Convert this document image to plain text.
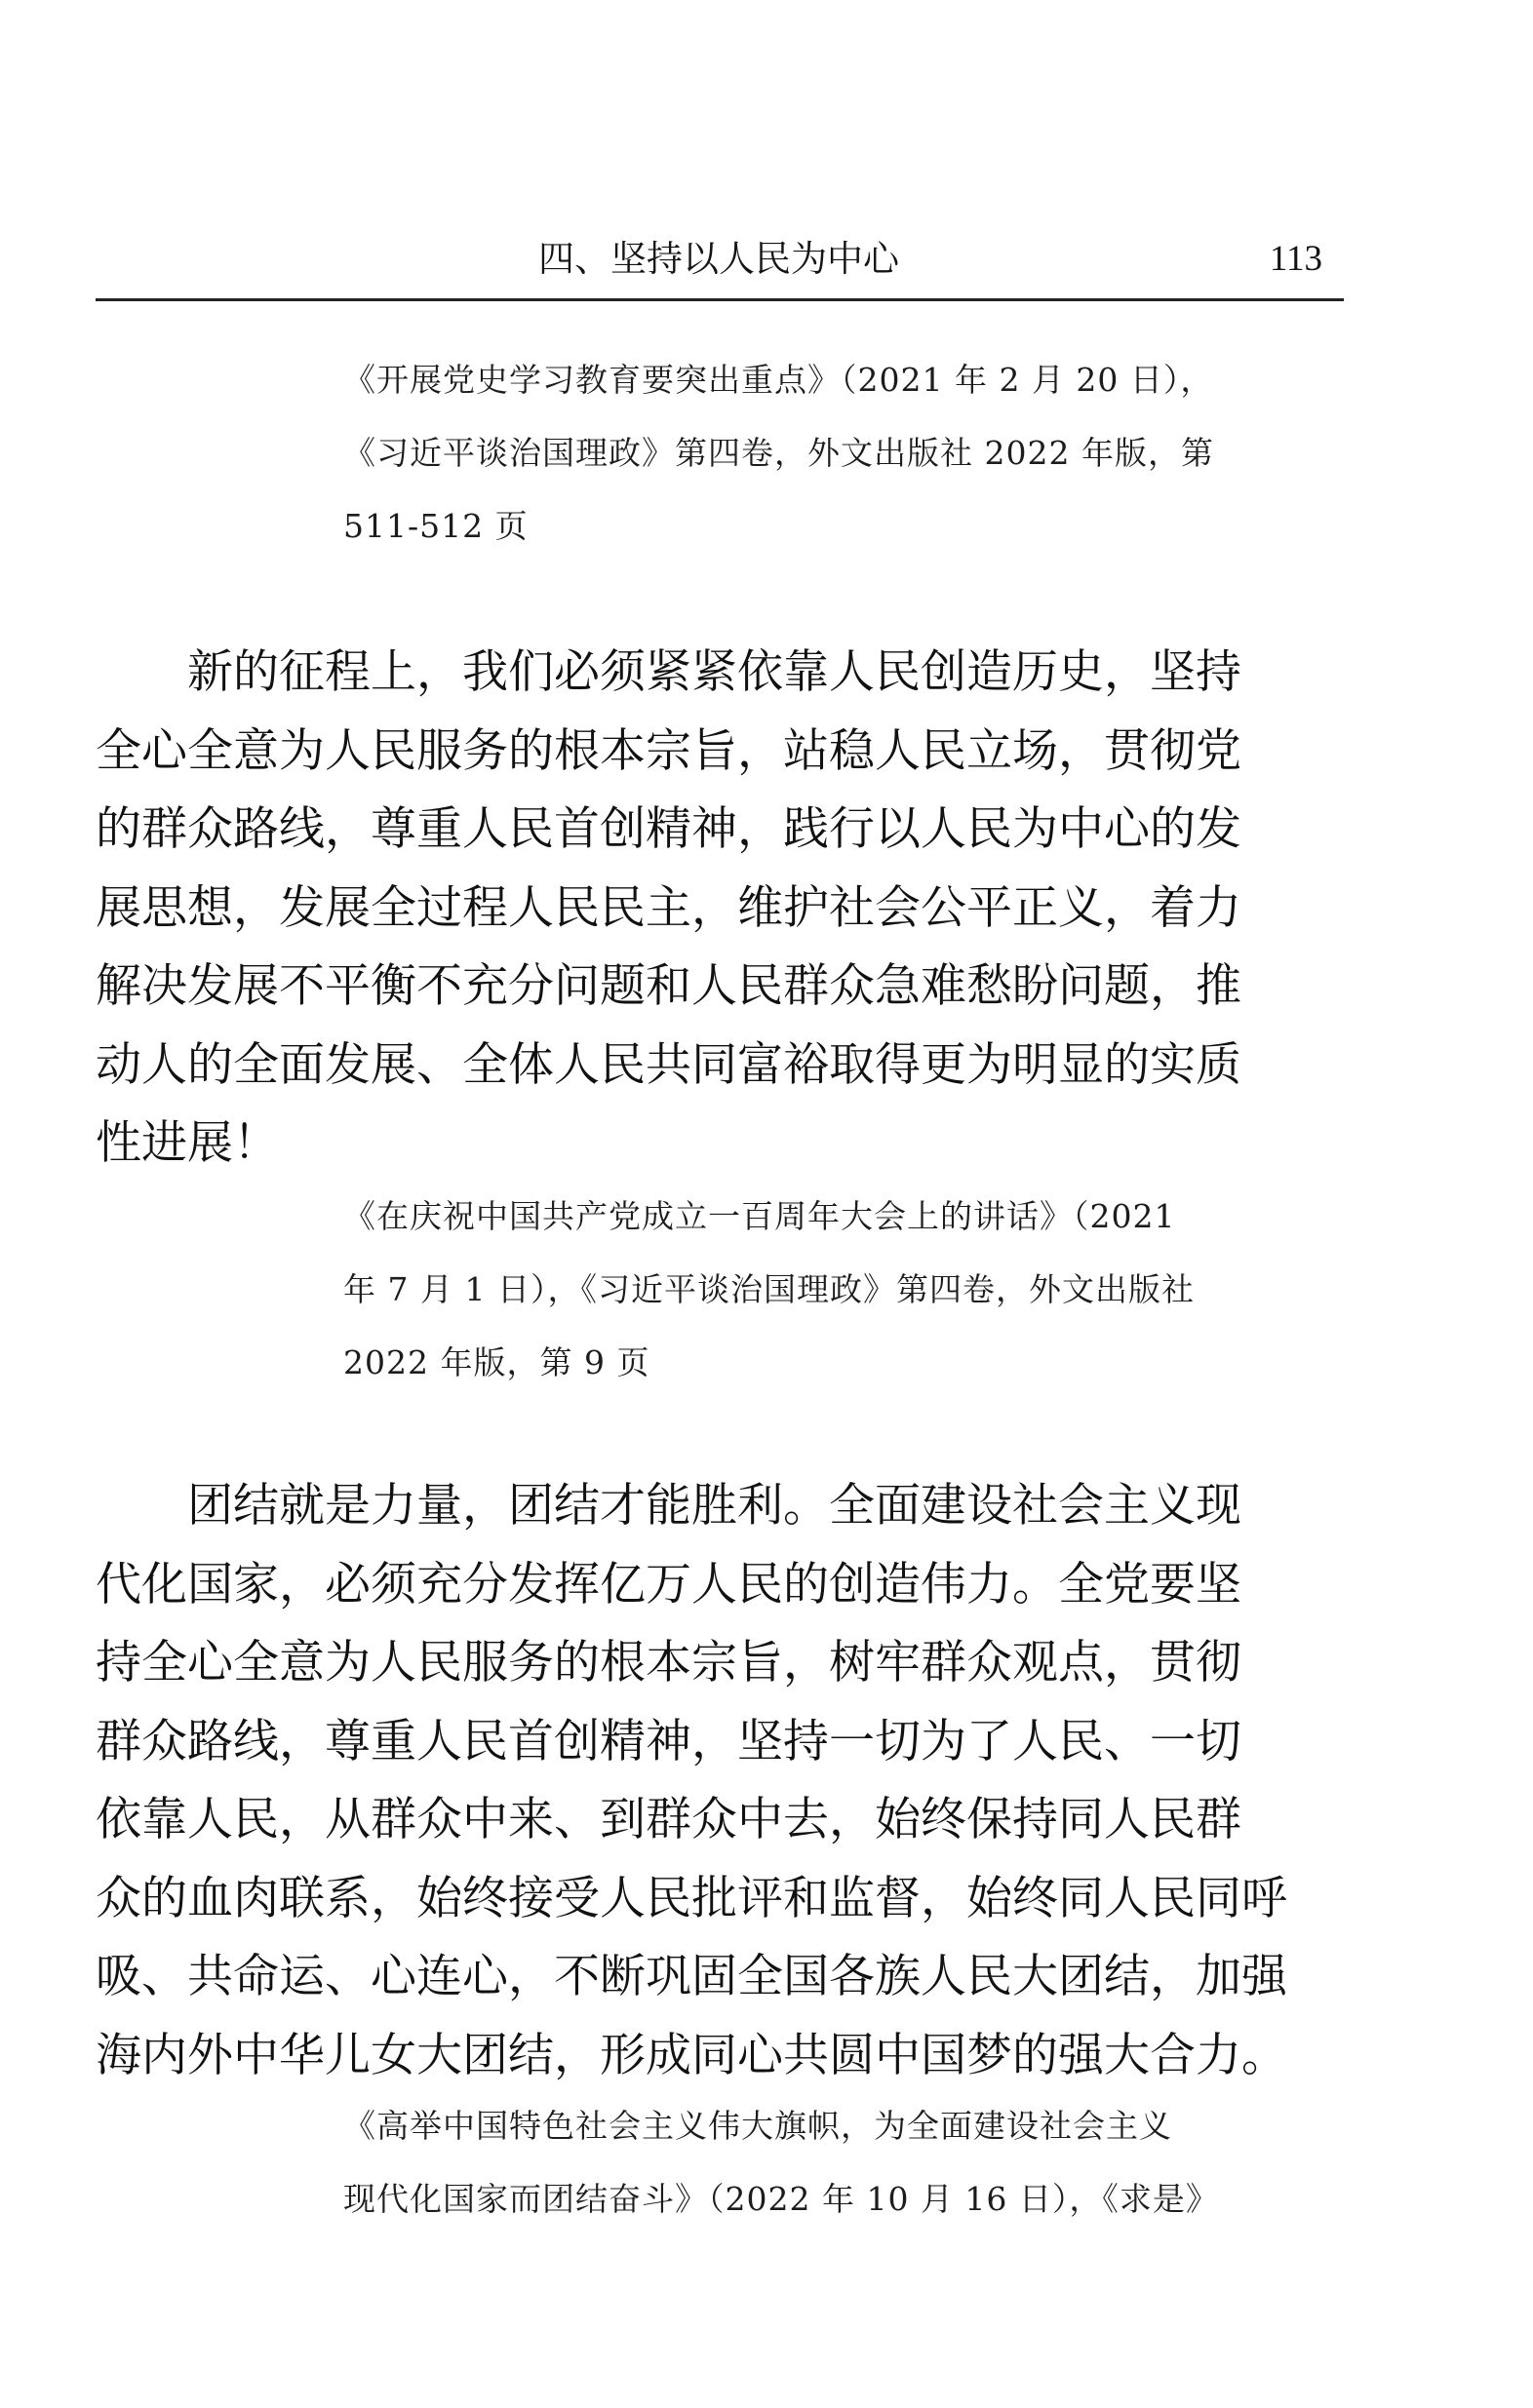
四、坚持以人民为中心	113
《开展党史学习教育要突出重点》（2021 年 2 月 20 日），
《习近平谈治国理政》第四卷，外文出版社 2022 年版，第
511-512 页
新的征程上，我们必须紧紧依靠人民创造历史，坚持
全心全意为人民服务的根本宗旨，站稳人民立场，贯彻党
的群众路线，尊重人民首创精神，践行以人民为中心的发
展思想，发展全过程人民民主，维护社会公平正义，着力
解决发展不平衡不充分问题和人民群众急难愁盼问题，推
动人的全面发展、全体人民共同富裕取得更为明显的实质
性进展！
《在庆祝中国共产党成立一百周年大会上的讲话》（2021
年 7 月 1 日），《习近平谈治国理政》第四卷，外文出版社
2022 年版，第 9 页
团结就是力量，团结才能胜利。全面建设社会主义现
代化国家，必须充分发挥亿万人民的创造伟力。全党要坚
持全心全意为人民服务的根本宗旨，树牢群众观点，贯彻
群众路线，尊重人民首创精神，坚持一切为了人民、一切
依靠人民，从群众中来、到群众中去，始终保持同人民群
众的血肉联系，始终接受人民批评和监督，始终同人民同呼
吸、共命运、心连心，不断巩固全国各族人民大团结，加强
海内外中华儿女大团结，形成同心共圆中国梦的强大合力。
《高举中国特色社会主义伟大旗帜，为全面建设社会主义
现代化国家而团结奋斗》（2022 年 10 月 16 日），《求是》
